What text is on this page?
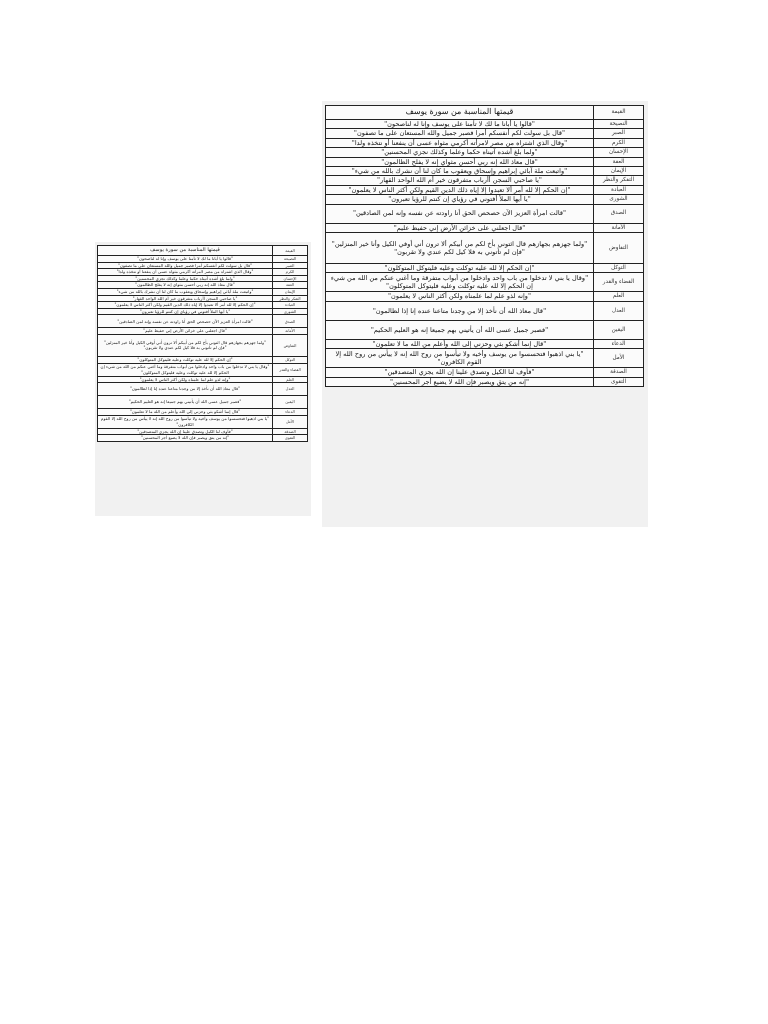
القيمة	قيمتها المناسبة من سورة يوسف
النصيحة	"قالوا يا أبانا ما لك لا تأمنا على يوسف وإنا له لناصحون"
الصبر	"قال بل سولت لكم أنفسكم أمرا فصبر جميل والله المستعان على ما تصفون"
الكرم	"وقال الذي اشتراه من مصر لامرأته أكرمي مثواه عسى أن ينفعنا أو نتخذه ولدا"
الإحسان	"ولما بلغ أشده آتيناه حكما وعلما وكذلك نجزي المحسنين"
العفة	"قال معاذ الله إنه ربي أحسن مثواي إنه لا يفلح الظالمون"
الإيمان	"واتبعت ملة آبائي إبراهيم وإسحاق ويعقوب ما كان لنا أن نشرك بالله من شيء"
التفكر والنظر	"يا صاحبي السجن أأرباب متفرقون خير أم الله الواحد القهار"
العبادة	"إن الحكم إلا لله أمر ألا تعبدوا إلا إياه ذلك الدين القيم ولكن أكثر الناس لا يعلمون"
الشورى	"يا أيها الملأ أفتوني في رؤياي إن كنتم للرؤيا تعبرون"
الصدق	"قالت امرأة العزيز الآن حصحص الحق أنا راودته عن نفسه وإنه لمن الصادقين"
الأمانة	"قال اجعلني على خزائن الأرض إني حفيظ عليم"
التفاوض	"ولما جهزهم بجهازهم قال ائتوني بأخ لكم من أبيكم ألا ترون أني أوفي الكيل وأنا خير المنزلين" "فإن لم تأتوني به فلا كيل لكم عندي ولا تقربون"
التوكل	"إن الحكم إلا لله عليه توكلت وعليه فليتوكل المتوكلون"
القضاء والقدر	"وقال يا بني لا تدخلوا من باب واحد وادخلوا من أبواب متفرقة وما أغني عنكم من الله من شيء إن الحكم إلا لله عليه توكلت وعليه فليتوكل المتوكلون"
العلم	"وإنه لذو علم لما علمناه ولكن أكثر الناس لا يعلمون"
العدل	"قال معاذ الله أن نأخذ إلا من وجدنا متاعنا عنده إنا إذا لظالمون"
اليقين	"فصبر جميل عسى الله أن يأتيني بهم جميعا إنه هو العليم الحكيم"
الدعاء	"قال إنما أشكو بثي وحزني إلى الله وأعلم من الله ما لا تعلمون"
الأمل	"يا بني اذهبوا فتحسسوا من يوسف وأخيه ولا تيأسوا من روح الله إنه لا ييأس من روح الله إلا القوم الكافرون"
الصدقة	"فأوف لنا الكيل وتصدق علينا إن الله يجزي المتصدقين"
التقوى	"إنه من يتق ويصبر فإن الله لا يضيع أجر المحسنين"
القيمة	قيمتها المناسبة من سورة يوسف
النصيحة	"قالوا يا أبانا ما لك لا تأمنا على يوسف وإنا له لناصحون"
الصبر	"قال بل سولت لكم أنفسكم أمرا فصبر جميل والله المستعان على ما تصفون"
الكرم	"وقال الذي اشتراه من مصر لامرأته أكرمي مثواه عسى أن ينفعنا أو نتخذه ولدا"
الإحسان	"ولما بلغ أشده آتيناه حكما وعلما وكذلك نجزي المحسنين"
العفة	"قال معاذ الله إنه ربي أحسن مثواي إنه لا يفلح الظالمون"
الإيمان	"واتبعت ملة آبائي إبراهيم وإسحاق ويعقوب ما كان لنا أن نشرك بالله من شيء"
التفكر والنظر	"يا صاحبي السجن أأرباب متفرقون خير أم الله الواحد القهار"
العبادة	"إن الحكم إلا لله أمر ألا تعبدوا إلا إياه ذلك الدين القيم ولكن أكثر الناس لا يعلمون"
الشورى	"يا أيها الملأ أفتوني في رؤياي إن كنتم للرؤيا تعبرون"
الصدق	"قالت امرأة العزيز الآن حصحص الحق أنا راودته عن نفسه وإنه لمن الصادقين"
الأمانة	"قال اجعلني على خزائن الأرض إني حفيظ عليم"
التفاوض	"ولما جهزهم بجهازهم قال ائتوني بأخ لكم من أبيكم ألا ترون أني أوفي الكيل وأنا خير المنزلين" "فإن لم تأتوني به فلا كيل لكم عندي ولا تقربون"
التوكل	"إن الحكم إلا لله عليه توكلت وعليه فليتوكل المتوكلون"
القضاء والقدر	"وقال يا بني لا تدخلوا من باب واحد وادخلوا من أبواب متفرقة وما أغني عنكم من الله من شيء إن الحكم إلا لله عليه توكلت وعليه فليتوكل المتوكلون"
العلم	"وإنه لذو علم لما علمناه ولكن أكثر الناس لا يعلمون"
العدل	"قال معاذ الله أن نأخذ إلا من وجدنا متاعنا عنده إنا إذا لظالمون"
اليقين	"فصبر جميل عسى الله أن يأتيني بهم جميعا إنه هو العليم الحكيم"
الدعاء	"قال إنما أشكو بثي وحزني إلى الله وأعلم من الله ما لا تعلمون"
الأمل	"يا بني اذهبوا فتحسسوا من يوسف وأخيه ولا تيأسوا من روح الله إنه لا ييأس من روح الله إلا القوم الكافرون"
الصدقة	"فأوف لنا الكيل وتصدق علينا إن الله يجزي المتصدقين"
التقوى	"إنه من يتق ويصبر فإن الله لا يضيع أجر المحسنين"
